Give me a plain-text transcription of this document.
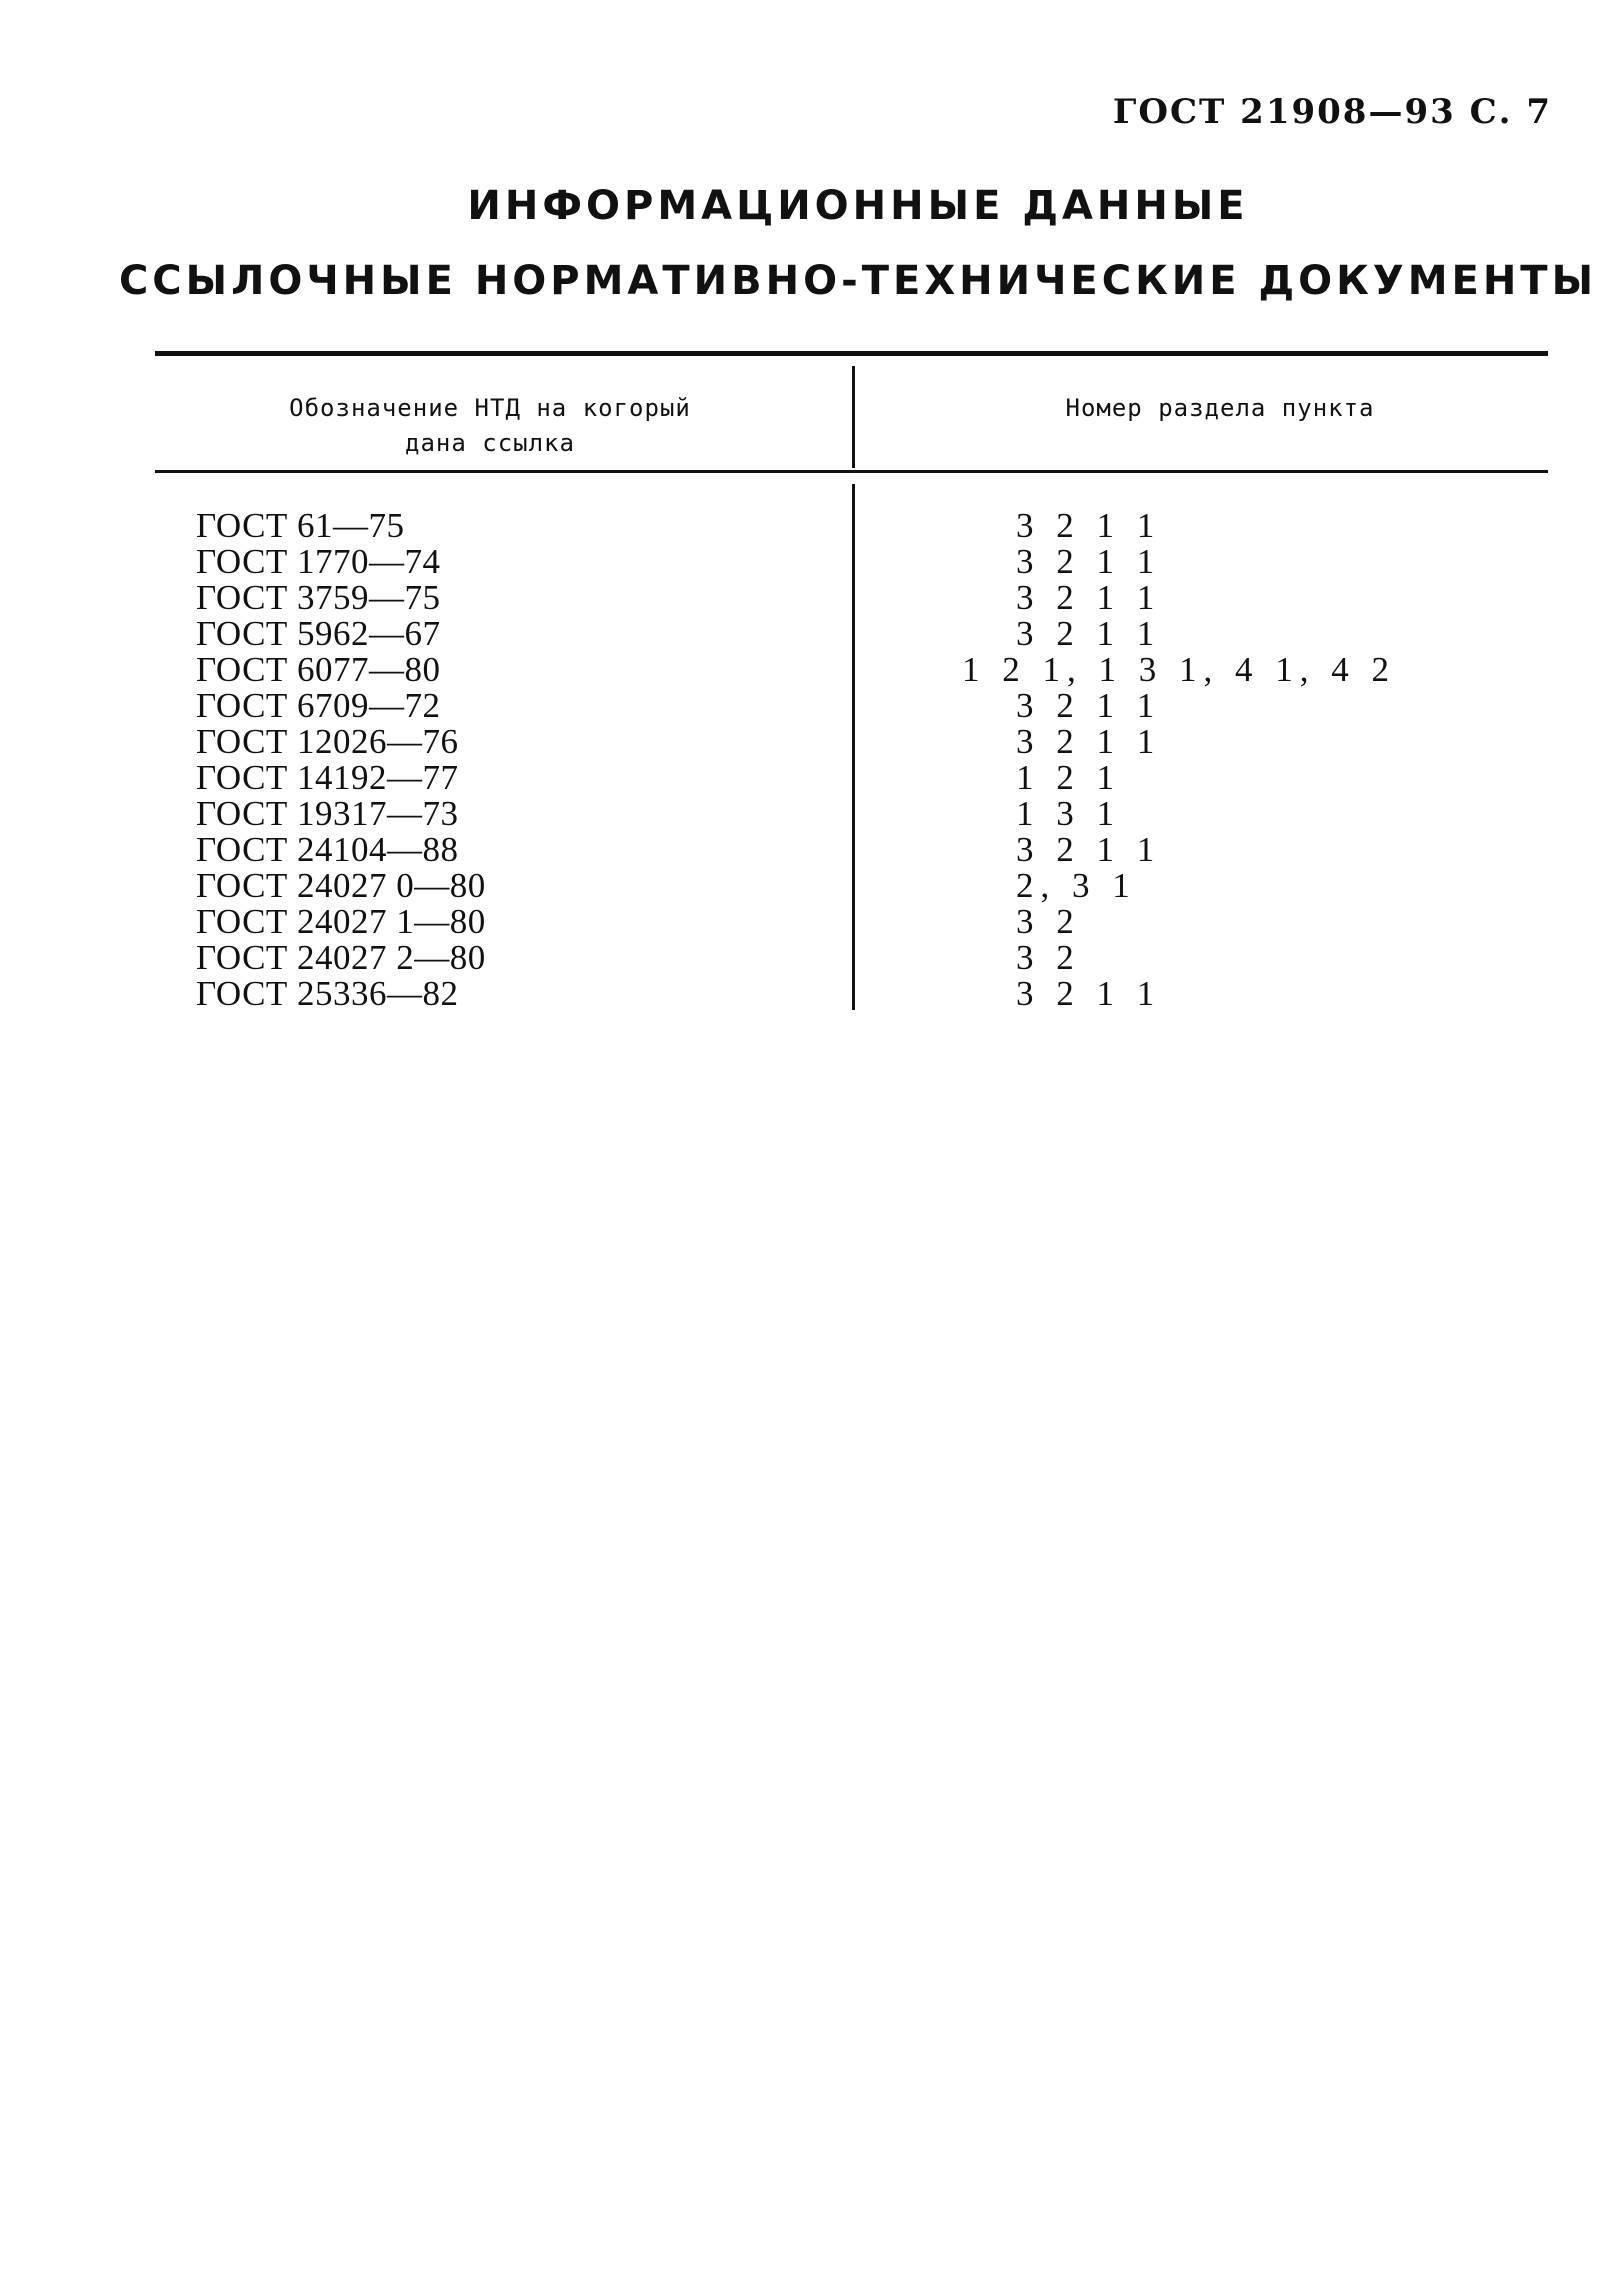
ГОСТ 21908—93 С. 7
ИНФОРМАЦИОННЫЕ ДАННЫЕ
ССЫЛОЧНЫЕ НОРМАТИВНО-ТЕХНИЧЕСКИЕ ДОКУМЕНТЫ
Обозначение НТД на когорый
дана ссылка
Номер раздела пункта
ГОСТ 61—75	3 2 1 1
ГОСТ 1770—74	3 2 1 1
ГОСТ 3759—75	3 2 1 1
ГОСТ 5962—67	3 2 1 1
ГОСТ 6077—80	1 2 1, 1 3 1, 4 1, 4 2
ГОСТ 6709—72	3 2 1 1
ГОСТ 12026—76	3 2 1 1
ГОСТ 14192—77	1 2 1
ГОСТ 19317—73	1 3 1
ГОСТ 24104—88	3 2 1 1
ГОСТ 24027 0—80	2, 3 1
ГОСТ 24027 1—80	3 2
ГОСТ 24027 2—80	3 2
ГОСТ 25336—82	3 2 1 1
